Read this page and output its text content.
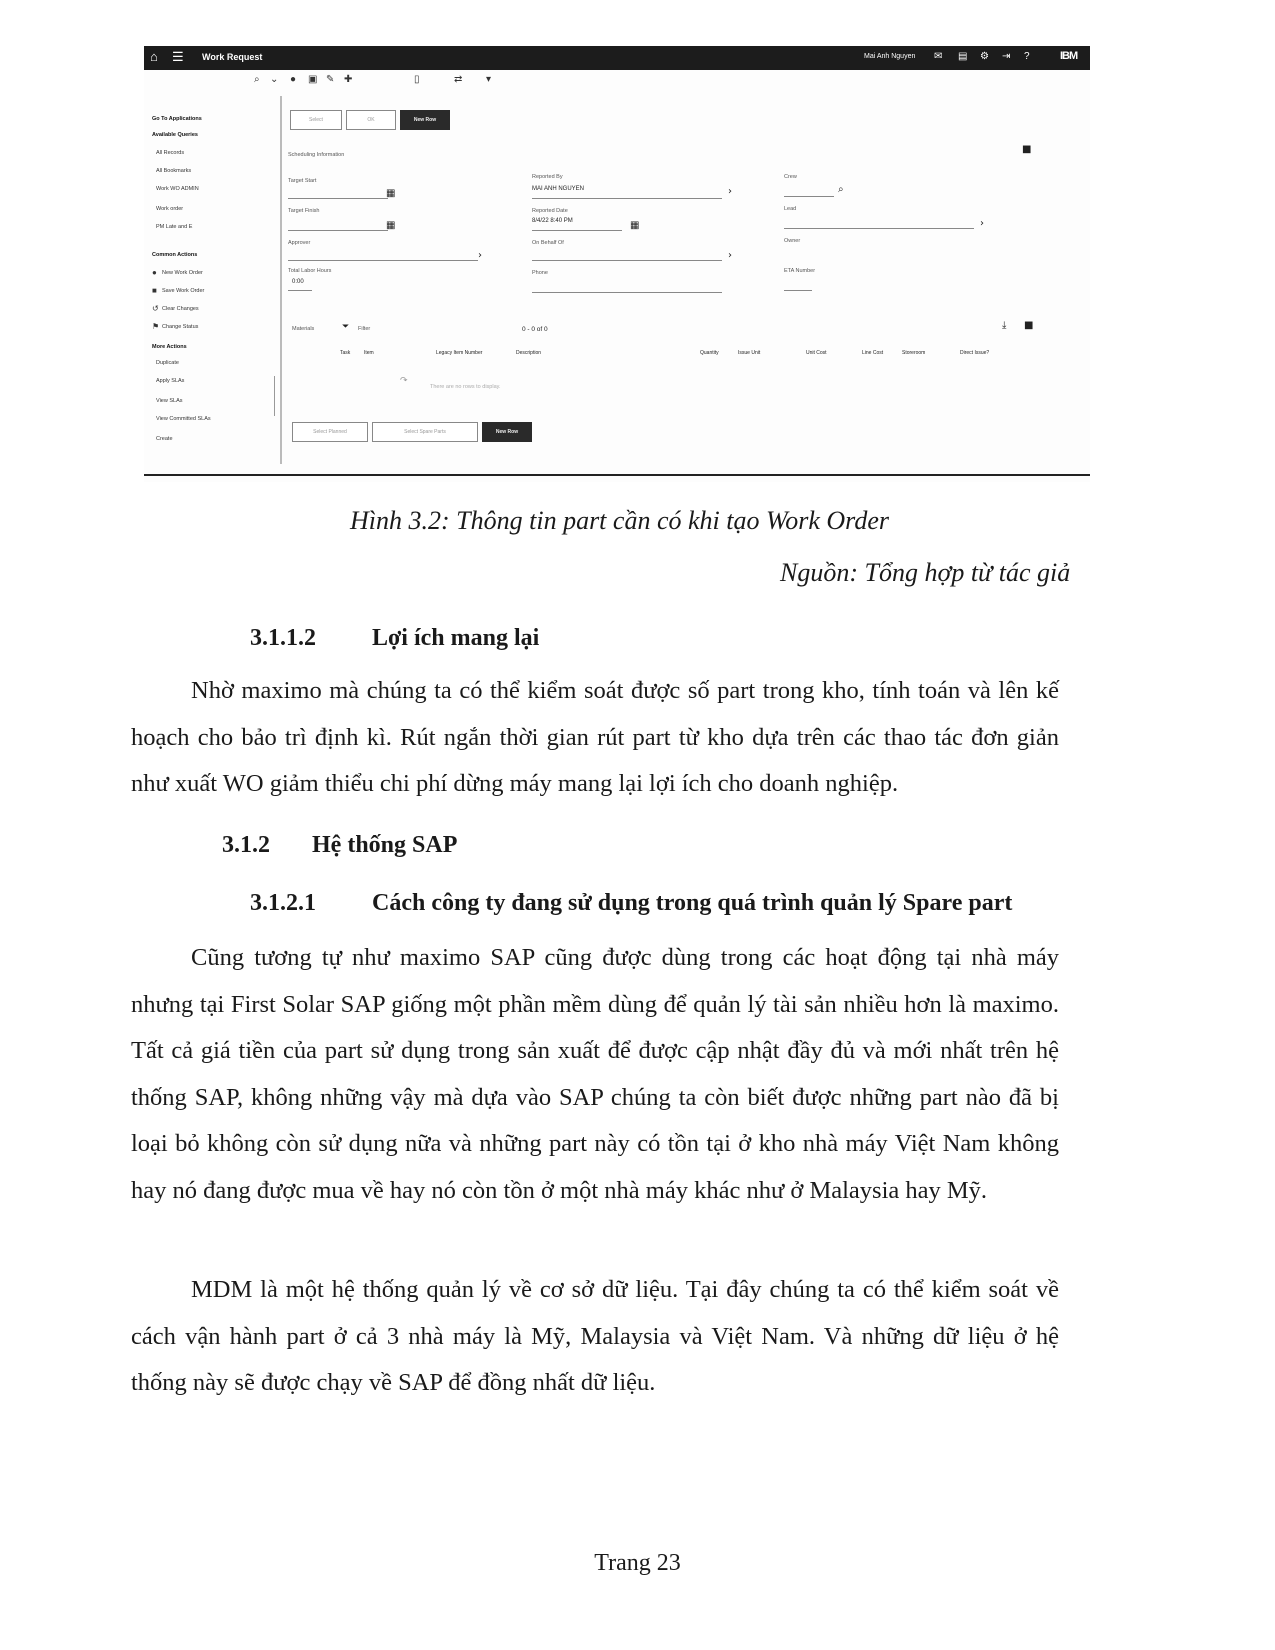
⌂ ☰ Work Request	Mai Anh Nguyen ✉ ▤ ⚙ ⇥ ?	IBM
⌕ ⌄ ● ▣ ✎ ✚	▯	⇄ ▾
Go To Applications
Available Queries
All Records
All Bookmarks
Work WO ADMIN
Work order
PM Late and E
Common Actions
● New Work Order
■ Save Work Order
↺ Clear Changes
⚑ Change Status
More Actions
Duplicate
Apply SLAs
View SLAs
View Committed SLAs
Create
Select	OK	New Row
Scheduling Information	■
Target Start
▦
Target Finish
▦
Approver
›
Total Labor Hours
0:00
Reported By
MAI ANH NGUYEN	›
Reported Date
8/4/22 8:40 PM	▦
On Behalf Of
›
Phone
Crew
⌕
Lead
›
Owner
ETA Number
Materials	⏷ Filter	0 - 0 of 0	⤓ ■
Task	Item	Legacy Item Number	Description	Quantity	Issue Unit	Unit Cost	Line Cost	Storeroom	Direct Issue?
↷
There are no rows to display.
Select Planned	Select Spare Parts	New Row
Hình 3.2: Thông tin part cần có khi tạo Work Order
Nguồn: Tổng hợp từ tác giả
3.1.1.2 Lợi ích mang lại

Nhờ maximo mà chúng ta có thể kiểm soát được số part trong kho, tính toán và lên kế hoạch cho bảo trì định kì. Rút ngắn thời gian rút part từ kho dựa trên các thao tác đơn giản như xuất WO giảm thiểu chi phí dừng máy mang lại lợi ích cho doanh nghiệp.

3.1.2 Hệ thống SAP
3.1.2.1 Cách công ty đang sử dụng trong quá trình quản lý Spare part

Cũng tương tự như maximo SAP cũng được dùng trong các hoạt động tại nhà máy nhưng tại First Solar SAP giống một phần mềm dùng để quản lý tài sản nhiều hơn là maximo. Tất cả giá tiền của part sử dụng trong sản xuất để được cập nhật đầy đủ và mới nhất trên hệ thống SAP, không những vậy mà dựa vào SAP chúng ta còn biết được những part nào đã bị loại bỏ không còn sử dụng nữa và những part này có tồn tại ở kho nhà máy Việt Nam không hay nó đang được mua về hay nó còn tồn ở một nhà máy khác như ở Malaysia hay Mỹ.

MDM là một hệ thống quản lý về cơ sở dữ liệu. Tại đây chúng ta có thể kiểm soát về cách vận hành part ở cả 3 nhà máy là Mỹ, Malaysia và Việt Nam. Và những dữ liệu ở hệ thống này sẽ được chạy về SAP để đồng nhất dữ liệu.

Trang 23
